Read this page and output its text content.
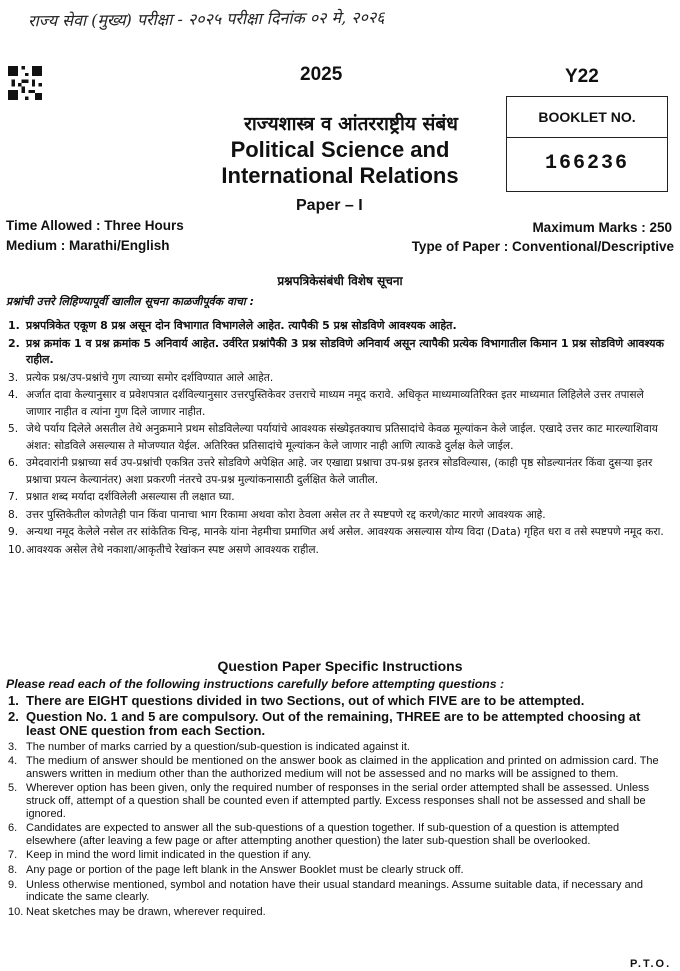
राज्य सेवा (मुख्य) परीक्षा - २०२५ परीक्षा दिनांक ०२ मे, २०२६
2025	Y22
BOOKLET NO.
166236
राज्यशास्त्र व आंतरराष्ट्रीय संबंध
Political Science and
International Relations
Paper – I
Time Allowed : Three Hours
Medium : Marathi/English
Maximum Marks : 250
Type of Paper : Conventional/Descriptive
प्रश्नपत्रिकेसंबंधी विशेष सूचना
प्रश्नांची उत्तरे लिहिण्यापूर्वी खालील सूचना काळजीपूर्वक वाचा :
1. प्रश्नपत्रिकेत एकूण 8 प्रश्न असून दोन विभागात विभागलेले आहेत. त्यापैकी 5 प्रश्न सोडविणे आवश्यक आहेत.
2. प्रश्न क्रमांक 1 व प्रश्न क्रमांक 5 अनिवार्य आहेत. उर्वरित प्रश्नांपैकी 3 प्रश्न सोडविणे अनिवार्य असून त्यापैकी प्रत्येक विभागातील किमान 1 प्रश्न सोडविणे आवश्यक राहील.
3. प्रत्येक प्रश्न/उप-प्रश्नांचे गुण त्याच्या समोर दर्शविण्यात आले आहेत.
4. अर्जात दावा केल्यानुसार व प्रवेशपत्रात दर्शविल्यानुसार उत्तरपुस्तिकेवर उत्तराचे माध्यम नमूद करावे. अधिकृत माध्यमाव्यतिरिक्त इतर माध्यमात लिहिलेले उत्तर तपासले जाणार नाहीत व त्यांना गुण दिले जाणार नाहीत.
5. जेथे पर्याय दिलेले असतील तेथे अनुक्रमाने प्रथम सोडविलेल्या पर्यायांचे आवश्यक संख्येइतक्याच प्रतिसादांचे केवळ मूल्यांकन केले जाईल. एखादे उत्तर काट मारल्याशिवाय अंशत: सोडविले असल्यास ते मोजण्यात येईल. अतिरिक्त प्रतिसादांचे मूल्यांकन केले जाणार नाही आणि त्याकडे दुर्लक्ष केले जाईल.
6. उमेदवारांनी प्रश्नाच्या सर्व उप-प्रश्नांची एकत्रित उत्तरे सोडविणे अपेक्षित आहे. जर एखाद्या प्रश्नाचा उप-प्रश्न इतरत्र सोडविल्यास, (काही पृष्ठ सोडल्यानंतर किंवा दुसऱ्या इतर प्रश्नाचा प्रयत्न केल्यानंतर) अशा प्रकरणी नंतरचे उप-प्रश्न मुल्यांकनासाठी दुर्लक्षित केले जातील.
7. प्रश्नात शब्द मर्यादा दर्शविलेली असल्यास ती लक्षात घ्या.
8. उत्तर पुस्तिकेतील कोणतेही पान किंवा पानाचा भाग रिकामा अथवा कोरा ठेवला असेल तर ते स्पष्टपणे रद्द करणे/काट मारणे आवश्यक आहे.
9. अन्यथा नमूद केलेले नसेल तर सांकेतिक चिन्ह, मानके यांना नेहमीचा प्रमाणित अर्थ असेल. आवश्यक असल्यास योग्य विदा (Data) गृहित धरा व तसे स्पष्टपणे नमूद करा.
10. आवश्यक असेल तेथे नकाशा/आकृतीचे रेखांकन स्पष्ट असणे आवश्यक राहील.
Question Paper Specific Instructions
Please read each of the following instructions carefully before attempting questions :
1. There are EIGHT questions divided in two Sections, out of which FIVE are to be attempted.
2. Question No. 1 and 5 are compulsory. Out of the remaining, THREE are to be attempted choosing at least ONE question from each Section.
3. The number of marks carried by a question/sub-question is indicated against it.
4. The medium of answer should be mentioned on the answer book as claimed in the application and printed on admission card. The answers written in medium other than the authorized medium will not be assessed and no marks will be assigned to them.
5. Wherever option has been given, only the required number of responses in the serial order attempted shall be assessed. Unless struck off, attempt of a question shall be counted even if attempted partly. Excess responses shall not be assessed and shall be ignored.
6. Candidates are expected to answer all the sub-questions of a question together. If sub-question of a question is attempted elsewhere (after leaving a few page or after attempting another question) the later sub-question shall be overlooked.
7. Keep in mind the word limit indicated in the question if any.
8. Any page or portion of the page left blank in the Answer Booklet must be clearly struck off.
9. Unless otherwise mentioned, symbol and notation have their usual standard meanings. Assume suitable data, if necessary and indicate the same clearly.
10. Neat sketches may be drawn, wherever required.
P.T.O.
